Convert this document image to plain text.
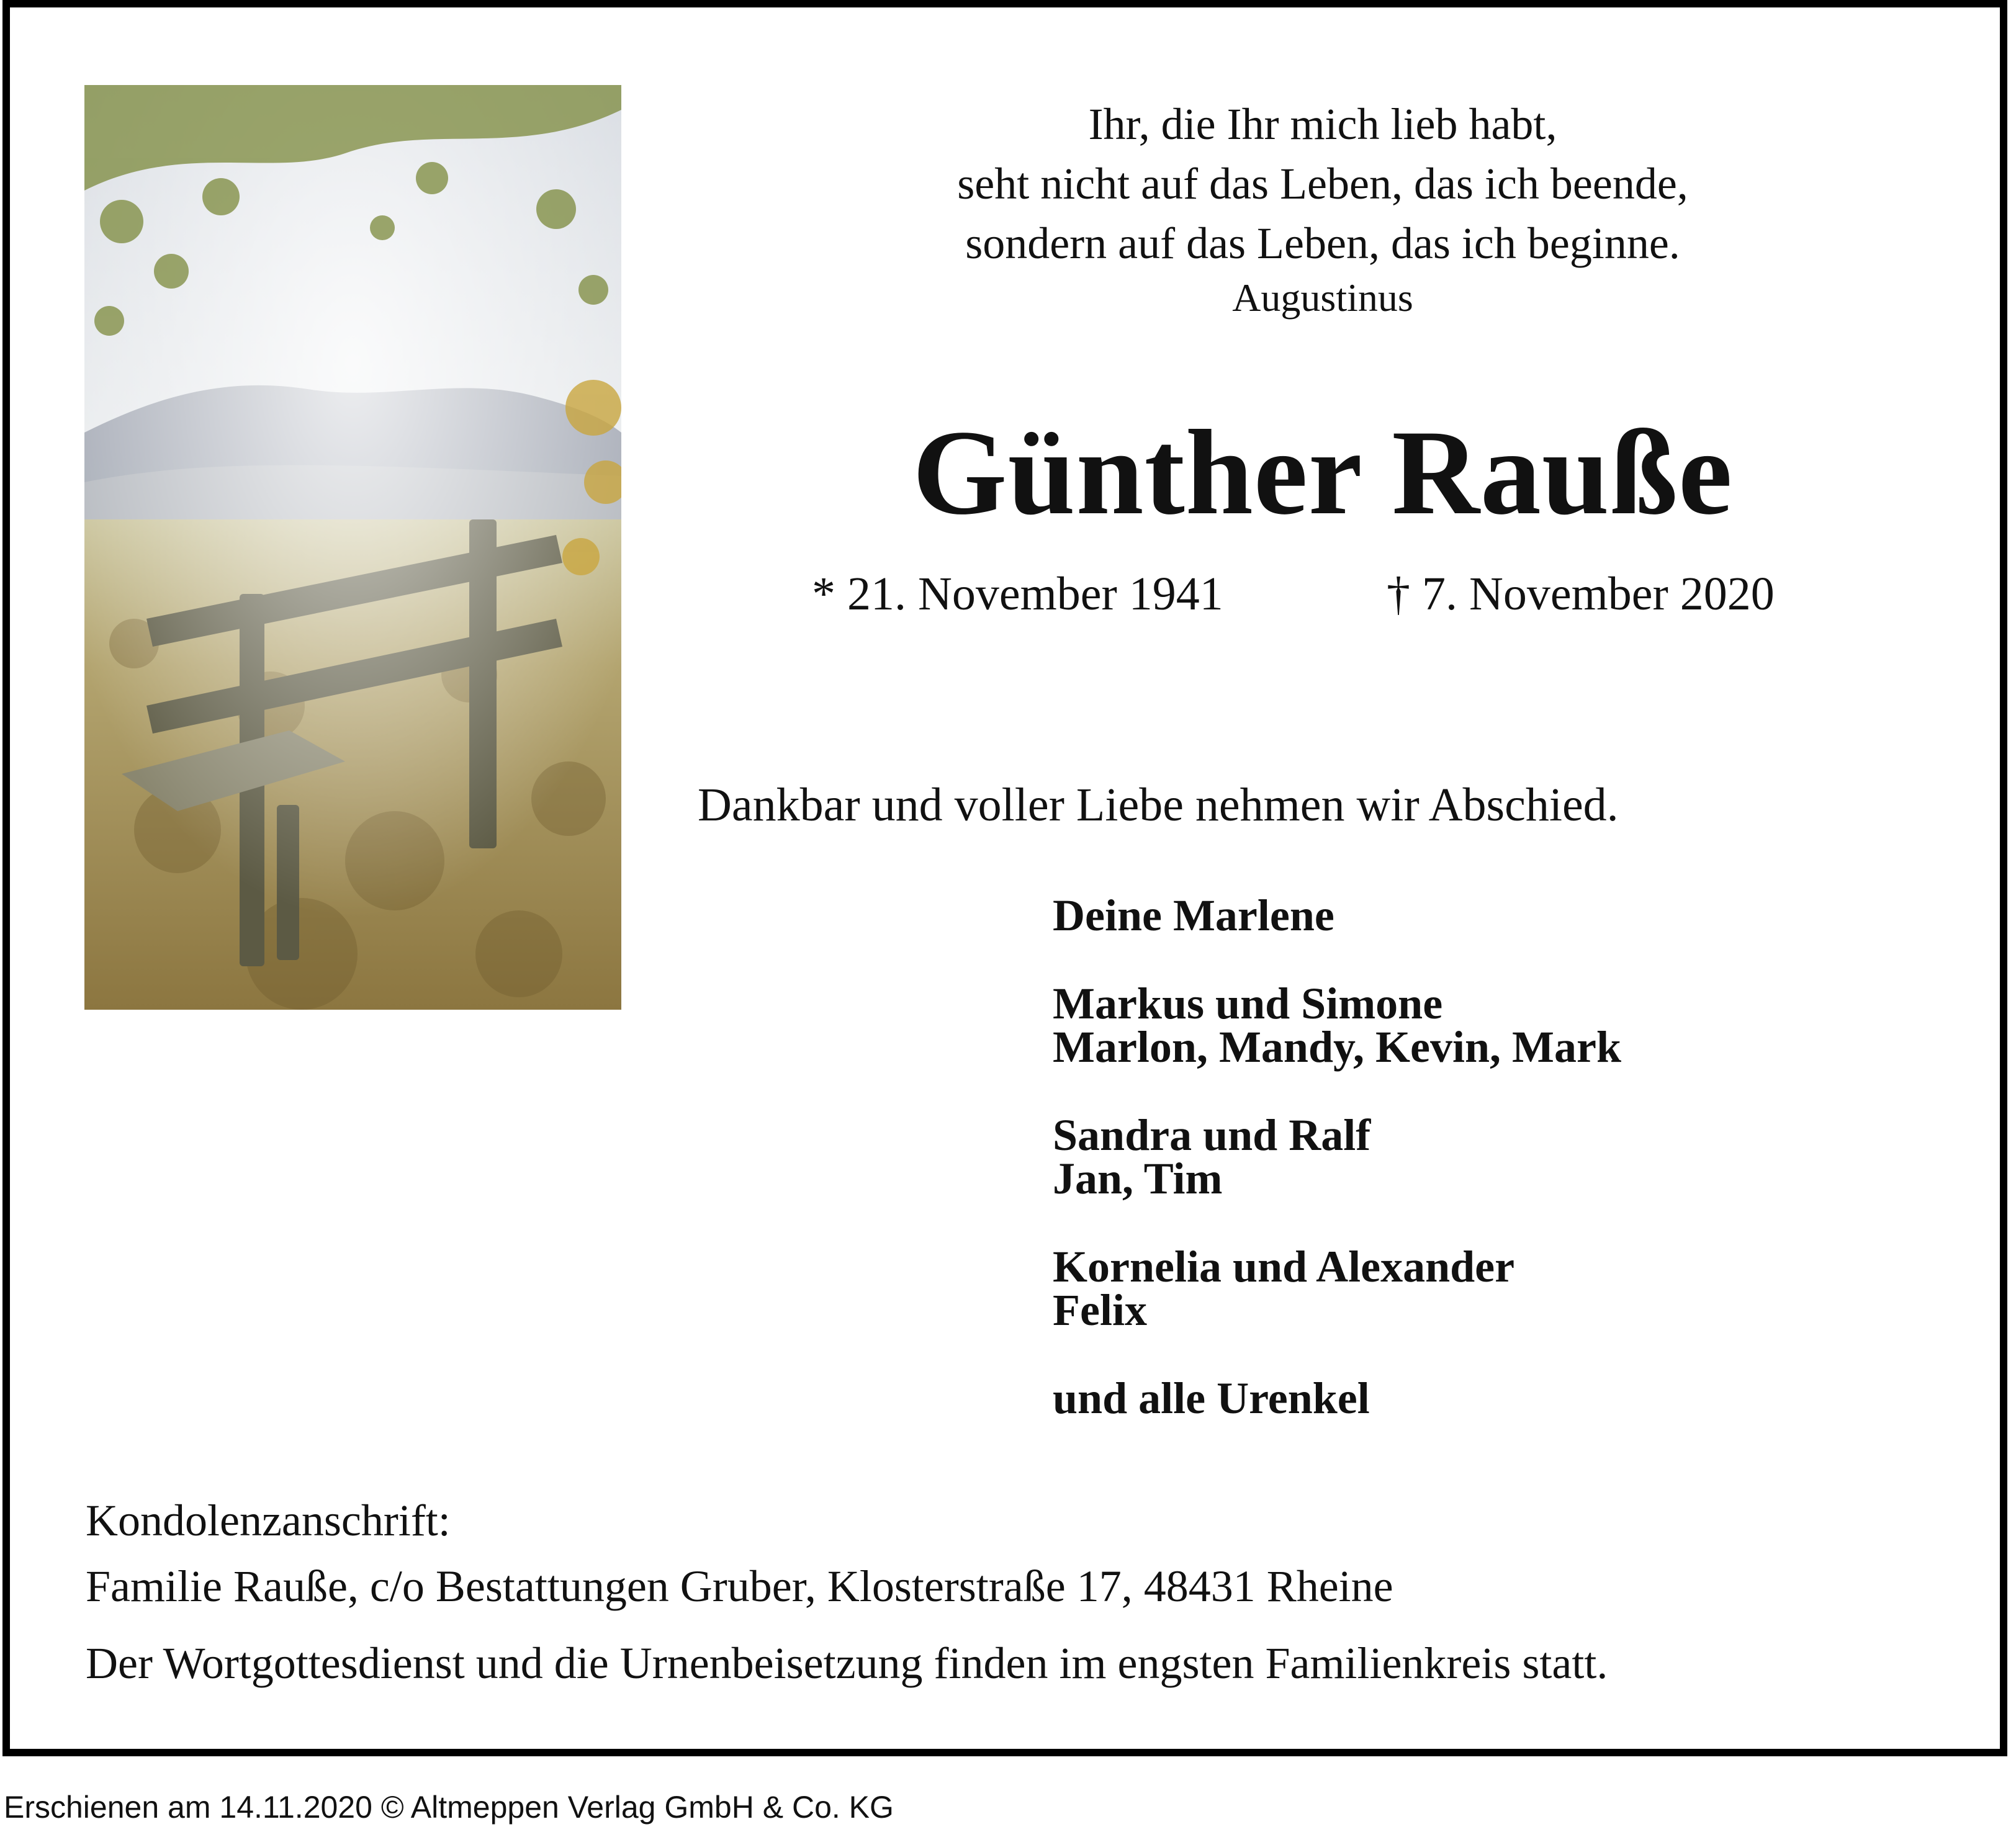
Ihr, die Ihr mich lieb habt,
seht nicht auf das Leben, das ich beende,
sondern auf das Leben, das ich beginne.
Augustinus
Günther Rauße
* 21. November 1941	† 7. November 2020
Dankbar und voller Liebe nehmen wir Abschied.
Deine Marlene
Markus und Simone
Marlon, Mandy, Kevin, Mark
Sandra und Ralf
Jan, Tim
Kornelia und Alexander
Felix
und alle Urenkel
Kondolenzanschrift:
Familie Rauße, c/o Bestattungen Gruber, Klosterstraße 17, 48431 Rheine
Der Wortgottesdienst und die Urnenbeisetzung finden im engsten Familienkreis statt.
Erschienen am 14.11.2020 © Altmeppen Verlag GmbH & Co. KG
